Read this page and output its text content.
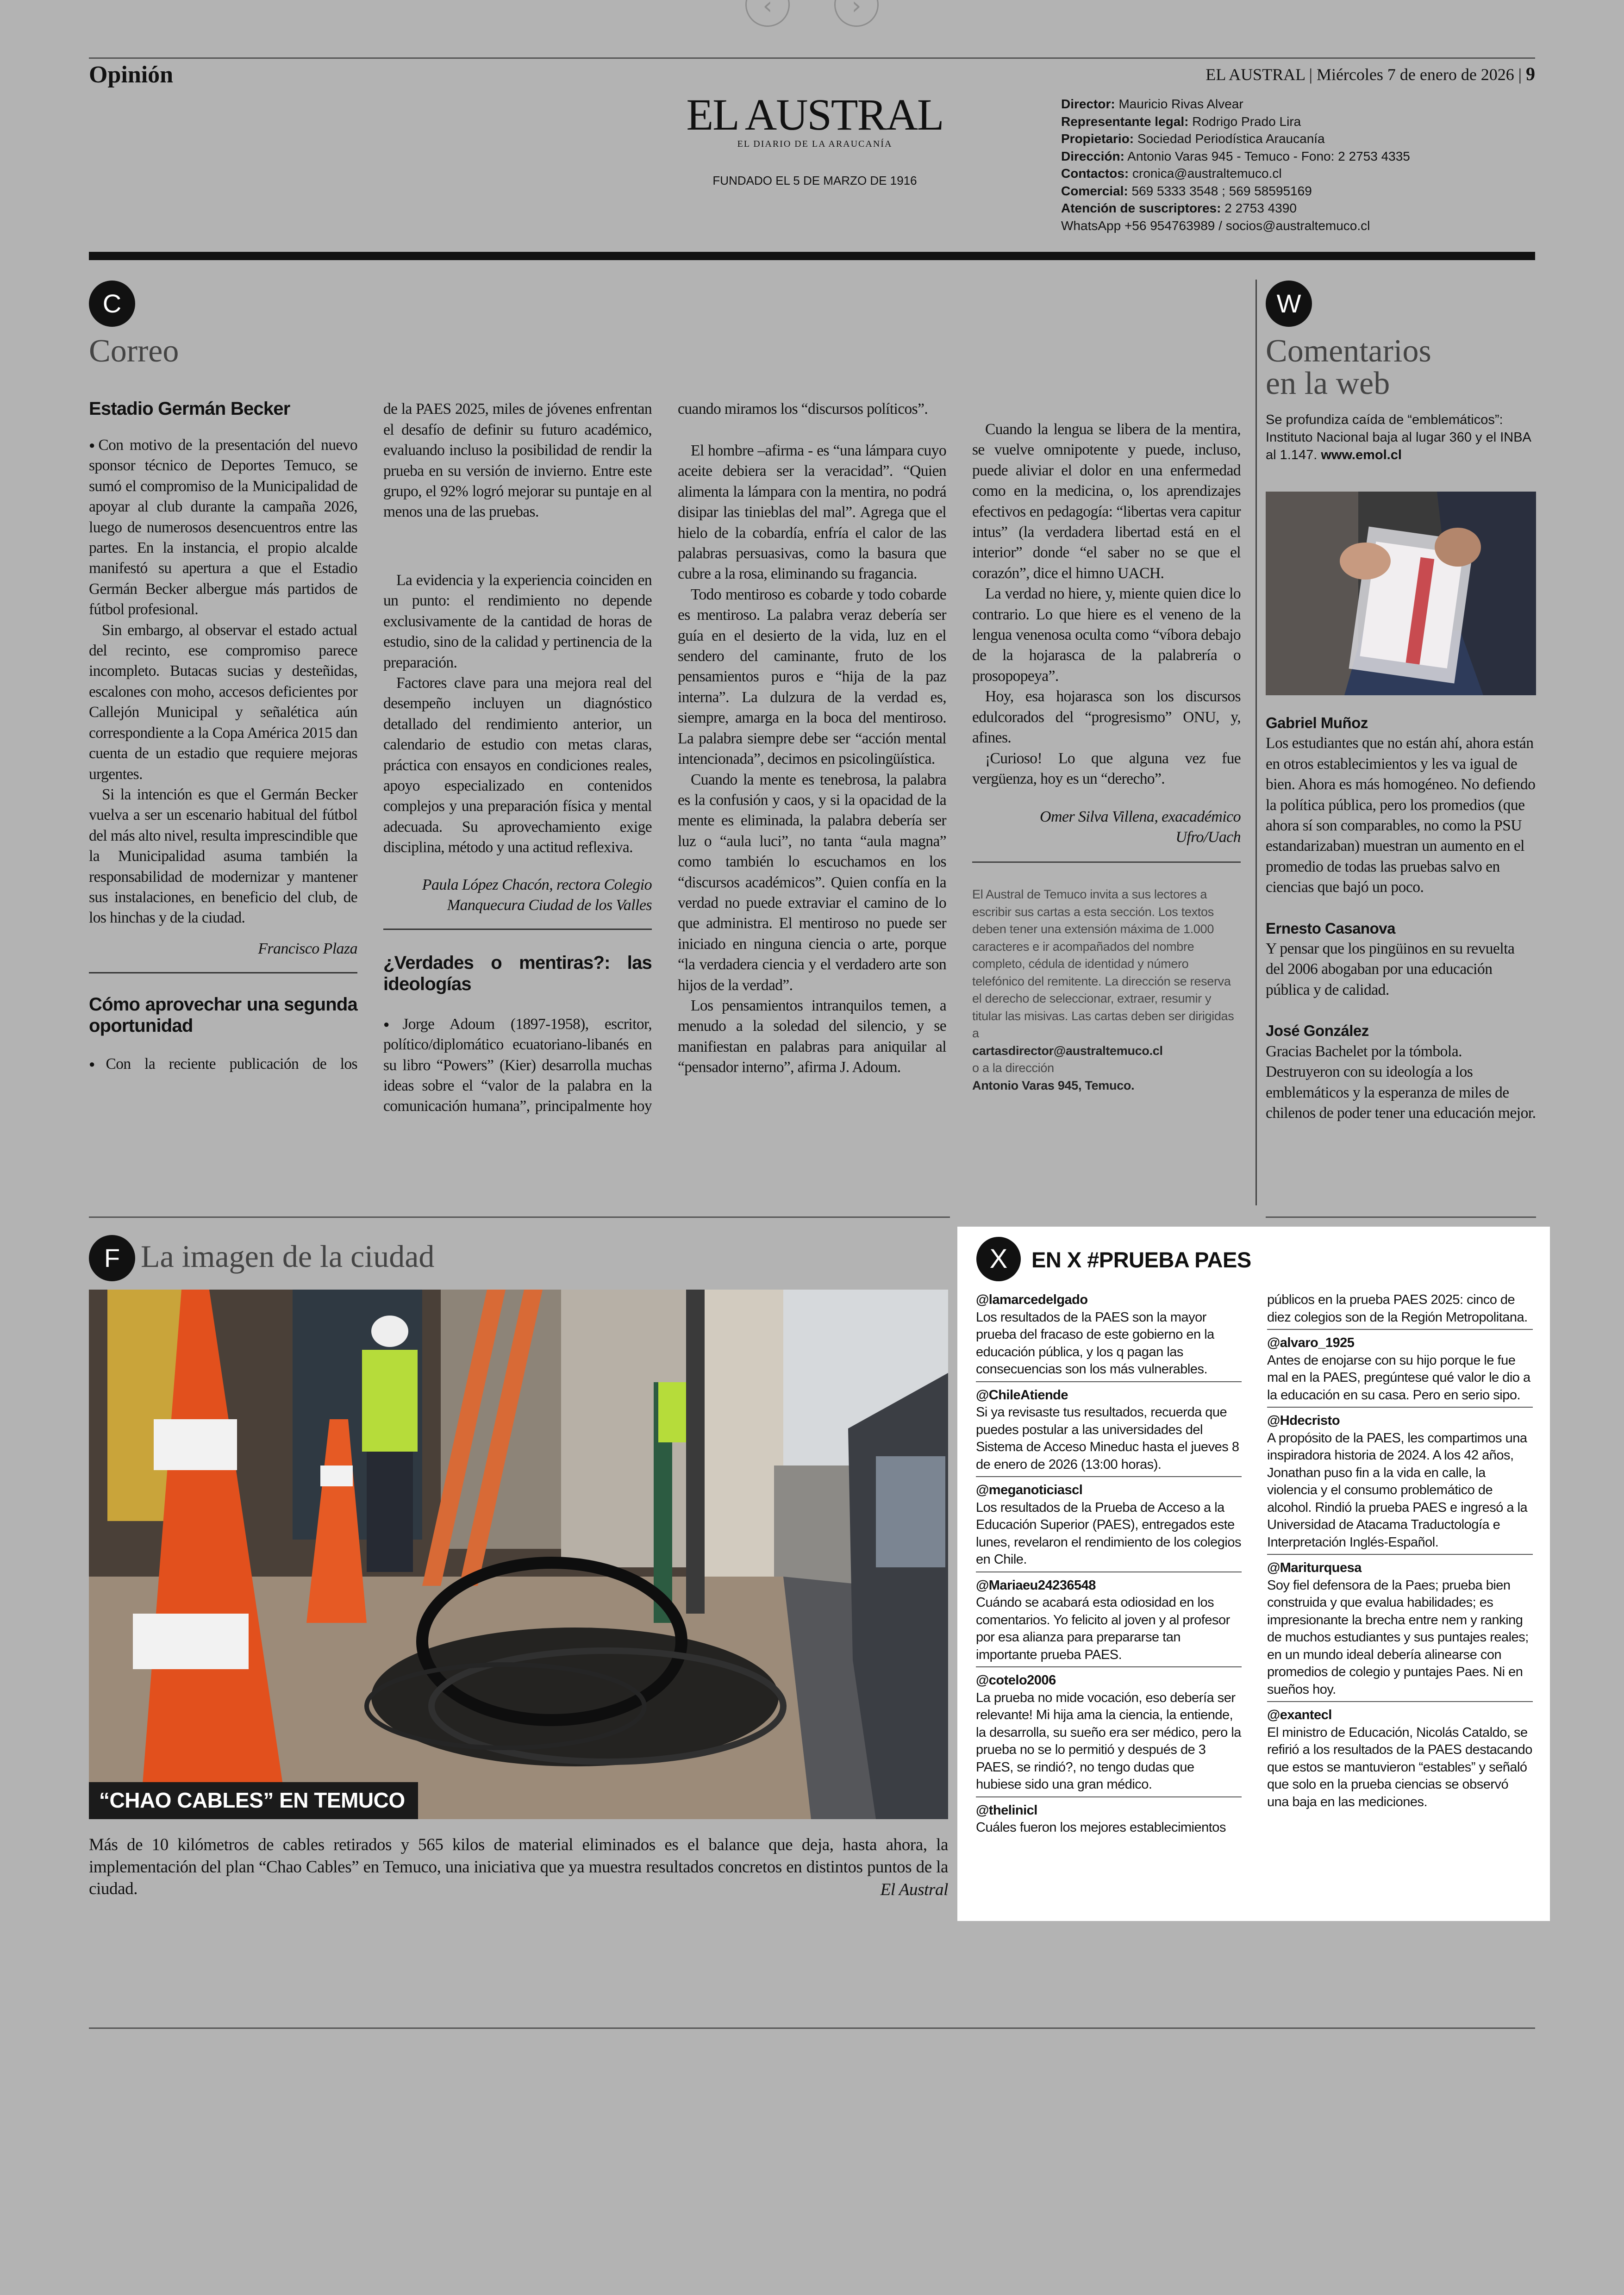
‹	›
Opinión	EL AUSTRAL | Miércoles 7 de enero de 2026 | 9
EL AUSTRAL
EL DIARIO DE LA ARAUCANÍA
FUNDADO EL 5 DE MARZO DE 1916
Director: Mauricio Rivas Alvear
Representante legal: Rodrigo Prado Lira
Propietario: Sociedad Periodística Araucanía
Dirección: Antonio Varas 945 - Temuco - Fono: 2 2753 4335
Contactos: cronica@australtemuco.cl
Comercial: 569 5333 3548 ; 569 58595169
Atención de suscriptores: 2 2753 4390
WhatsApp +56 954763989 / socios@australtemuco.cl
C
Correo

Estadio Germán Becker

● Con motivo de la presentación del nuevo sponsor técnico de Deportes Temuco, se sumó el compromiso de la Municipalidad de apoyar al club durante la campaña 2026, luego de numerosos desencuentros entre las partes. En la instancia, el propio alcalde manifestó su apertura a que el Estadio Germán Becker albergue más partidos de fútbol profesional.

Sin embargo, al observar el estado actual del recinto, ese compromiso parece incompleto. Butacas sucias y desteñidas, escalones con moho, accesos deficientes por Callejón Municipal y señalética aún correspondiente a la Copa América 2015 dan cuenta de un estadio que requiere mejoras urgentes.

Si la intención es que el Germán Becker vuelva a ser un escenario habitual del fútbol del más alto nivel, resulta imprescindible que la Municipalidad asuma también la responsabilidad de modernizar y mantener sus instalaciones, en beneficio del club, de los hinchas y de la ciudad.

Francisco Plaza

Cómo aprovechar una segunda oportunidad

● Con la reciente publicación de los

de la PAES 2025, miles de jóvenes enfrentan el desafío de definir su futuro académico, evaluando incluso la posibilidad de rendir la prueba en su versión de invierno. Entre este grupo, el 92% logró mejorar su puntaje en al menos una de las pruebas.

La evidencia y la experiencia coinciden en un punto: el rendimiento no depende exclusivamente de la cantidad de horas de estudio, sino de la calidad y pertinencia de la preparación.

Factores clave para una mejora real del desempeño incluyen un diagnóstico detallado del rendimiento anterior, un calendario de estudio con metas claras, práctica con ensayos en condiciones reales, apoyo especializado en contenidos complejos y una preparación física y mental adecuada. Su aprovechamiento exige disciplina, método y una actitud reflexiva.

Paula López Chacón, rectora Colegio Manquecura Ciudad de los Valles

¿Verdades o mentiras?: las ideologías

● Jorge Adoum (1897-1958), escritor, político/diplomático ecuatoriano-libanés en su libro “Powers” (Kier) desarrolla muchas ideas sobre el “valor de la palabra en la comunicación humana”, principalmente hoy

cuando miramos los “discursos políticos”.

El hombre –afirma - es “una lámpara cuyo aceite debiera ser la veracidad”. “Quien alimenta la lámpara con la mentira, no podrá disipar las tinieblas del mal”. Agrega que el hielo de la cobardía, enfría el calor de las palabras persuasivas, como la basura que cubre a la rosa, eliminando su fragancia.

Todo mentiroso es cobarde y todo cobarde es mentiroso. La palabra veraz debería ser guía en el desierto de la vida, luz en el sendero del caminante, fruto de los pensamientos puros e “hija de la paz interna”. La dulzura de la verdad es, siempre, amarga en la boca del mentiroso. La palabra siempre debe ser “acción mental intencionada”, decimos en psicolingüística.

Cuando la mente es tenebrosa, la palabra es la confusión y caos, y si la opacidad de la mente es eliminada, la palabra debería ser luz o “aula luci”, no tanta “aula magna” como también lo escuchamos en los “discursos académicos”. Quien confía en la verdad no puede extraviar el camino de lo que administra. El mentiroso no puede ser iniciado en ninguna ciencia o arte, porque “la verdadera ciencia y el verdadero arte son hijos de la verdad”.

Los pensamientos intranquilos temen, a menudo a la soledad del silencio, y se manifiestan en palabras para aniquilar al “pensador interno”, afirma J. Adoum.

Cuando la lengua se libera de la mentira, se vuelve omnipotente y puede, incluso, puede aliviar el dolor en una enfermedad como en la medicina, o, los aprendizajes efectivos en pedagogía: “libertas vera capitur intus” (la verdadera libertad está en el interior” donde “el saber no se que el corazón”, dice el himno UACH.

La verdad no hiere, y, miente quien dice lo contrario. Lo que hiere es el veneno de la lengua venenosa oculta como “víbora debajo de la hojarasca de la palabrería o prosopopeya”.

Hoy, esa hojarasca son los discursos edulcorados del “progresismo” ONU, y, afines.

¡Curioso! Lo que alguna vez fue vergüenza, hoy es un “derecho”.

Omer Silva Villena, exacadémico Ufro/Uach

El Austral de Temuco invita a sus lectores a escribir sus cartas a esta sección. Los textos deben tener una extensión máxima de 1.000 caracteres e ir acompañados del nombre completo, cédula de identidad y número telefónico del remitente. La dirección se reserva el derecho de seleccionar, extraer, resumir y titular las misivas. Las cartas deben ser dirigidas a
cartasdirector@australtemuco.cl
o a la dirección
Antonio Varas 945, Temuco.
W
Comentarios
en la web
Se profundiza caída de “emblemáticos”: Instituto Nacional baja al lugar 360 y el INBA al 1.147. www.emol.cl

Gabriel Muñoz

Los estudiantes que no están ahí, ahora están en otros establecimientos y les va igual de bien. Ahora es más homogéneo. No defiendo la política pública, pero los promedios (que ahora sí son comparables, no como la PSU estandarizaban) muestran un aumento en el promedio de todas las pruebas salvo en ciencias que bajó un poco.

Ernesto Casanova

Y pensar que los pingüinos en su revuelta del 2006 abogaban por una educación pública y de calidad.

José González

Gracias Bachelet por la tómbola. Destruyeron con su ideología a los emblemáticos y la esperanza de miles de chilenos de poder tener una educación mejor.

F La imagen de la ciudad
“CHAO CABLES” EN TEMUCO
Más de 10 kilómetros de cables retirados y 565 kilos de material eliminados es el balance que deja, hasta ahora, la implementación del plan “Chao Cables” en Temuco, una iniciativa que ya muestra resultados concretos en distintos puntos de la ciudad.	El Austral
X	EN X #PRUEBA PAES

@lamarcedelgado

Los resultados de la PAES son la mayor prueba del fracaso de este gobierno en la educación pública, y los q pagan las consecuencias son los más vulnerables.

@ChileAtiende

Si ya revisaste tus resultados, recuerda que puedes postular a las universidades del Sistema de Acceso Mineduc hasta el jueves 8 de enero de 2026 (13:00 horas).

@meganoticiascl

Los resultados de la Prueba de Acceso a la Educación Superior (PAES), entregados este lunes, revelaron el rendimiento de los colegios en Chile.

@Mariaeu24236548

Cuándo se acabará esta odiosidad en los comentarios. Yo felicito al joven y al profesor por esa alianza para prepararse tan importante prueba PAES.

@cotelo2006

La prueba no mide vocación, eso debería ser relevante! Mi hija ama la ciencia, la entiende, la desarrolla, su sueño era ser médico, pero la prueba no se lo permitió y después de 3 PAES, se rindió?, no tengo dudas que hubiese sido una gran médico.

@thelinicl

Cuáles fueron los mejores establecimientos

públicos en la prueba PAES 2025: cinco de diez colegios son de la Región Metropolitana.

@alvaro_1925

Antes de enojarse con su hijo porque le fue mal en la PAES, pregúntese qué valor le dio a la educación en su casa. Pero en serio sipo.

@Hdecristo

A propósito de la PAES, les compartimos una inspiradora historia de 2024. A los 42 años, Jonathan puso fin a la vida en calle, la violencia y el consumo problemático de alcohol. Rindió la prueba PAES e ingresó a la Universidad de Atacama Traductología e Interpretación Inglés-Español.

@Mariturquesa

Soy fiel defensora de la Paes; prueba bien construida y que evalua habilidades; es impresionante la brecha entre nem y ranking de muchos estudiantes y sus puntajes reales; en un mundo ideal debería alinearse con promedios de colegio y puntajes Paes. Ni en sueños hoy.

@exantecl

El ministro de Educación, Nicolás Cataldo, se refirió a los resultados de la PAES destacando que estos se mantuvieron “estables” y señaló que solo en la prueba ciencias se observó una baja en las mediciones.
